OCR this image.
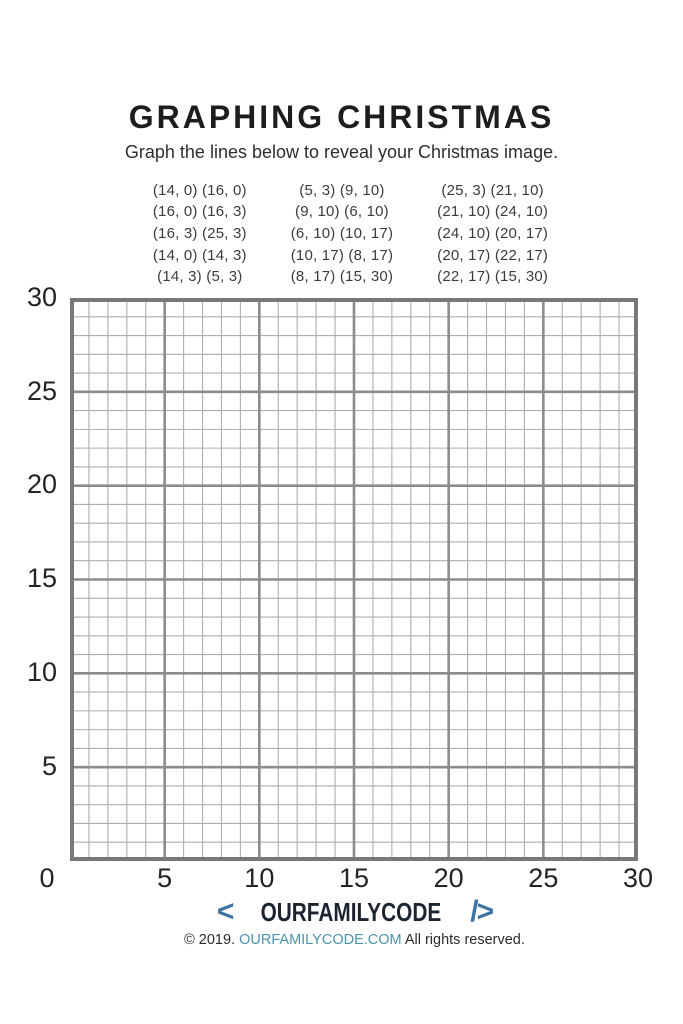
GRAPHING CHRISTMAS

Graph the lines below to reveal your Christmas image.

(14, 0) (16, 0)
(16, 0) (16, 3)
(16, 3) (25, 3)
(14, 0) (14, 3)
(14, 3) (5, 3)
(5, 3) (9, 10)
(9, 10) (6, 10)
(6, 10) (10, 17)
(10, 17) (8, 17)
(8, 17) (15, 30)
(25, 3) (21, 10)
(21, 10) (24, 10)
(24, 10) (20, 17)
(20, 17) (22, 17)
(22, 17) (15, 30)
30
25
20
15
10
5
0	5	10 15 20 25 30
< OURFAMILYCODE />
© 2019. OURFAMILYCODE.COM All rights reserved.
